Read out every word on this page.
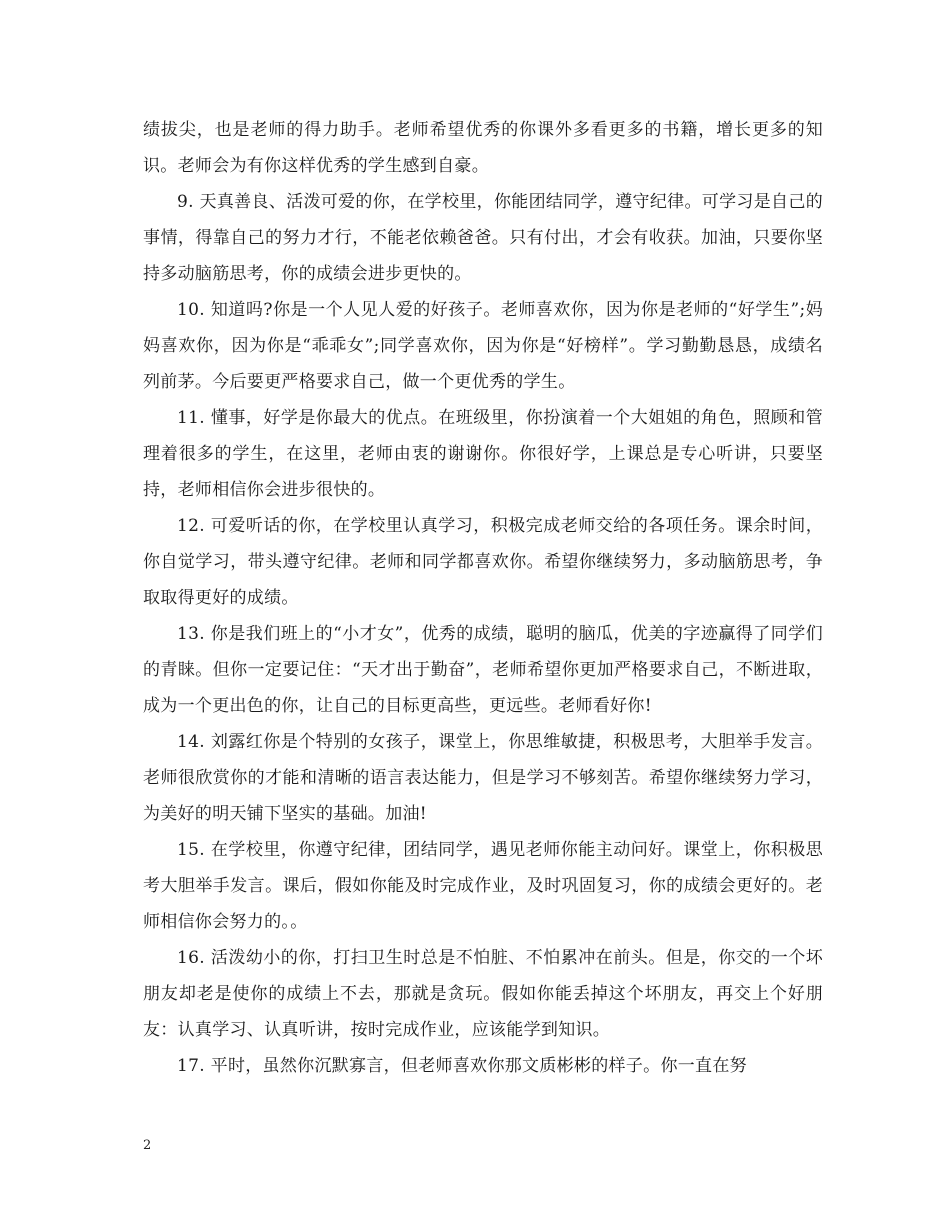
绩拔尖，也是老师的得力助手。老师希望优秀的你课外多看更多的书籍，增长更多的知识。老师会为有你这样优秀的学生感到自豪。

9. 天真善良、活泼可爱的你，在学校里，你能团结同学，遵守纪律。可学习是自己的事情，得靠自己的努力才行，不能老依赖爸爸。只有付出，才会有收获。加油，只要你坚持多动脑筋思考，你的成绩会进步更快的。

10. 知道吗?你是一个人见人爱的好孩子。老师喜欢你，因为你是老师的“好学生”;妈妈喜欢你，因为你是“乖乖女”;同学喜欢你，因为你是“好榜样”。学习勤勤恳恳，成绩名列前茅。今后要更严格要求自己，做一个更优秀的学生。

11. 懂事，好学是你最大的优点。在班级里，你扮演着一个大姐姐的角色，照顾和管理着很多的学生，在这里，老师由衷的谢谢你。你很好学，上课总是专心听讲，只要坚持，老师相信你会进步很快的。

12. 可爱听话的你，在学校里认真学习，积极完成老师交给的各项任务。课余时间，你自觉学习，带头遵守纪律。老师和同学都喜欢你。希望你继续努力，多动脑筋思考，争取取得更好的成绩。

13. 你是我们班上的“小才女”，优秀的成绩，聪明的脑瓜，优美的字迹赢得了同学们的青睐。但你一定要记住：“天才出于勤奋”，老师希望你更加严格要求自己，不断进取，成为一个更出色的你，让自己的目标更高些，更远些。老师看好你!

14. 刘露红你是个特别的女孩子，课堂上，你思维敏捷，积极思考，大胆举手发言。老师很欣赏你的才能和清晰的语言表达能力，但是学习不够刻苦。希望你继续努力学习，为美好的明天铺下坚实的基础。加油!

15. 在学校里，你遵守纪律，团结同学，遇见老师你能主动问好。课堂上，你积极思考大胆举手发言。课后，假如你能及时完成作业，及时巩固复习，你的成绩会更好的。老师相信你会努力的。。

16. 活泼幼小的你，打扫卫生时总是不怕脏、不怕累冲在前头。但是，你交的一个坏朋友却老是使你的成绩上不去，那就是贪玩。假如你能丢掉这个坏朋友，再交上个好朋友：认真学习、认真听讲，按时完成作业，应该能学到知识。

17. 平时，虽然你沉默寡言，但老师喜欢你那文质彬彬的样子。你一直在努

2
